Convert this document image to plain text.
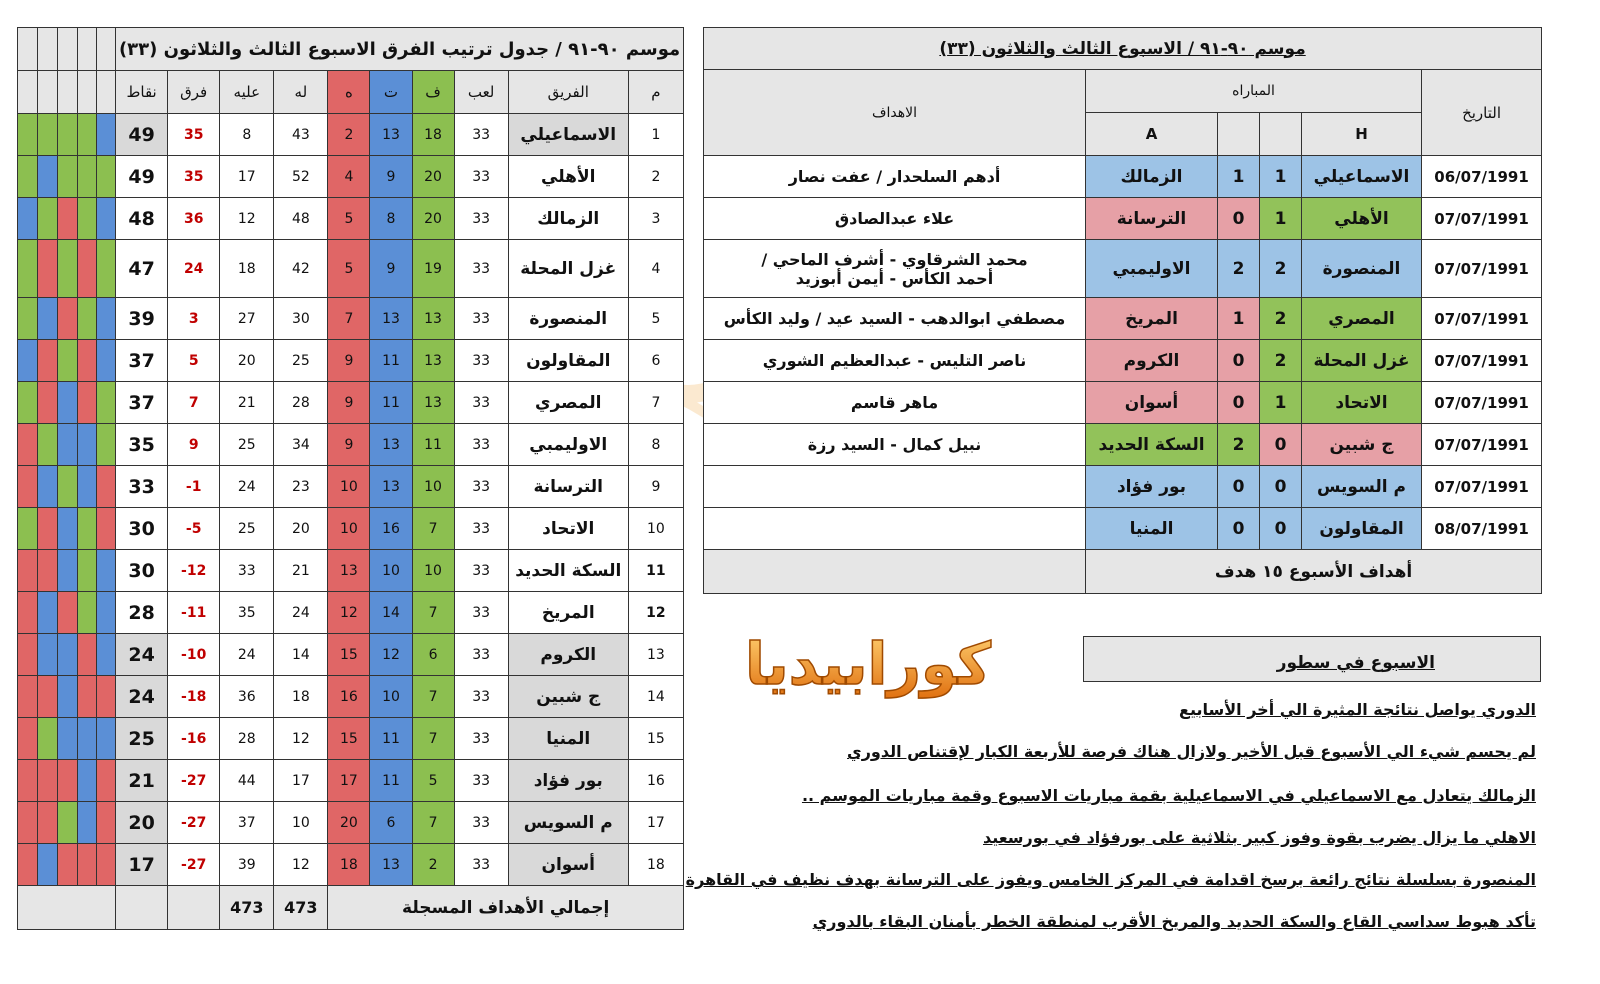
					موسم ٩٠-٩١ / جدول ترتيب الفرق الاسبوع الثالث والثلاثون (٣٣)									
					نقاط	فرق	عليه	له	ه	ت	ف	لعب	الفريق	م
					49	35	8	43	2	13	18	33	الاسماعيلي	1
					49	35	17	52	4	9	20	33	الأهلي	2
					48	36	12	48	5	8	20	33	الزمالك	3
					47	24	18	42	5	9	19	33	غزل المحلة	4
					39	3	27	30	7	13	13	33	المنصورة	5
					37	5	20	25	9	11	13	33	المقاولون	6
					37	7	21	28	9	11	13	33	المصري	7
					35	9	25	34	9	13	11	33	الاوليمبي	8
					33	-1	24	23	10	13	10	33	الترسانة	9
					30	-5	25	20	10	16	7	33	الاتحاد	10
					30	-12	33	21	13	10	10	33	السكة الحديد	11
					28	-11	35	24	12	14	7	33	المريخ	12
					24	-10	24	14	15	12	6	33	الكروم	13
					24	-18	36	18	16	10	7	33	ج شبين	14
					25	-16	28	12	15	11	7	33	المنيا	15
					21	-27	44	17	17	11	5	33	بور فؤاد	16
					20	-27	37	10	20	6	7	33	م السويس	17
					17	-27	39	12	18	13	2	33	أسوان	18
							473	473	إجمالي الأهداف المسجلة					
موسم ٩٠-٩١ / الاسبوع الثالث والثلاثون (٣٣)					
الاهداف	المباراه				التاريخ
	A			H	

أدهم السلحدار / عفت نصار	الزمالك	1	1	الاسماعيلي	06/07/1991

علاء عبدالصادق	الترسانة	0	1	الأهلي	07/07/1991

محمد الشرقاوي - أشرف الماحي /
أحمد الكأس - أيمن أبوزيد	الاوليمبي	2	2	المنصورة	07/07/1991

مصطفي ابوالدهب - السيد عيد / وليد الكأس	المريخ	1	2	المصري	07/07/1991

ناصر التليس - عبدالعظيم الشوري	الكروم	0	2	غزل المحلة	07/07/1991

ماهر قاسم	أسوان	0	1	الاتحاد	07/07/1991

نبيل كمال - السيد رزة	السكة الحديد	2	0	ج شبين	07/07/1991

	بور فؤاد	0	0	م السويس	07/07/1991

	المنيا	0	0	المقاولون	08/07/1991
	أهداف الأسبوع ١٥ هدف				
كورابيديا	الاسبوع في سطور
الدوري يواصل نتائجة المثيرة الي أخر الأسابيع
لم يحسم شيء الي الأسبوع قبل الأخير ولازال هناك فرصة للأربعة الكبار لإقتناص الدوري
الزمالك يتعادل مع الاسماعيلي في الاسماعيلية بقمة مباريات الاسبوع وقمة مباريات الموسم ..
الاهلي ما يزال يضرب بقوة وفوز كبير بثلاثية على بورفؤاد في بورسعيد
المنصورة بسلسلة نتائج رائعة برسخ اقدامة في المركز الخامس ويفوز على الترسانة بهدف نظيف في القاهرة
تأكد هبوط سداسي القاع والسكة الحديد والمريخ الأقرب لمنطقة الخطر بأمنان البقاء بالدوري
